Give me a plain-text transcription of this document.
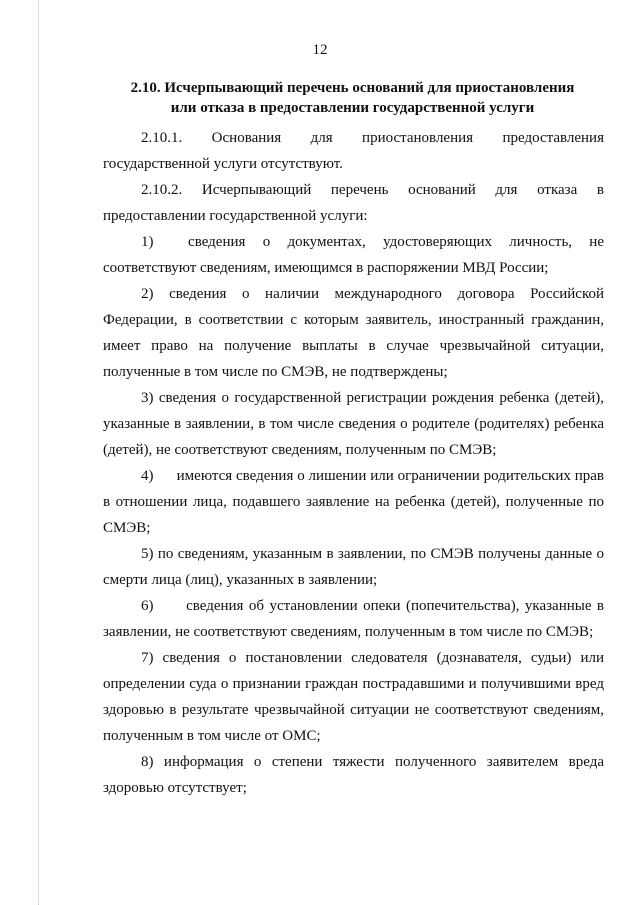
12
2.10. Исчерпывающий перечень оснований для приостановления
или отказа в предоставлении государственной услуги

2.10.1.      Основания      для      приостановления      предоставления государственной услуги отсутствуют.

2.10.2.   Исчерпывающий   перечень   оснований   для   отказа   в предоставлении государственной услуги:

1)      сведения   о   документах,   удостоверяющих   личность,   не соответствуют сведениям, имеющимся в распоряжении МВД России;

2) сведения о наличии международного договора Российской Федерации, в соответствии с которым заявитель, иностранный гражданин, имеет право на получение выплаты в случае чрезвычайной ситуации, полученные в том числе по СМЭВ, не подтверждены;

3) сведения о государственной регистрации рождения ребенка (детей), указанные в заявлении, в том числе сведения о родителе (родителях) ребенка (детей), не соответствуют сведениям, полученным по СМЭВ;

4)      имеются сведения о лишении или ограничении родительских прав в отношении лица, подавшего заявление на ребенка (детей), полученные по СМЭВ;

5) по сведениям, указанным в заявлении, по СМЭВ получены данные о смерти лица (лиц), указанных в заявлении;

6)      сведения об установлении опеки (попечительства), указанные в заявлении, не соответствуют сведениям, полученным в том числе по СМЭВ;

7) сведения о постановлении следователя (дознавателя, судьи) или определении суда о признании граждан пострадавшими и получившими вред здоровью в результате чрезвычайной ситуации не соответствуют сведениям, полученным в том числе от ОМС;

8) информация о степени тяжести полученного заявителем вреда здоровью отсутствует;
